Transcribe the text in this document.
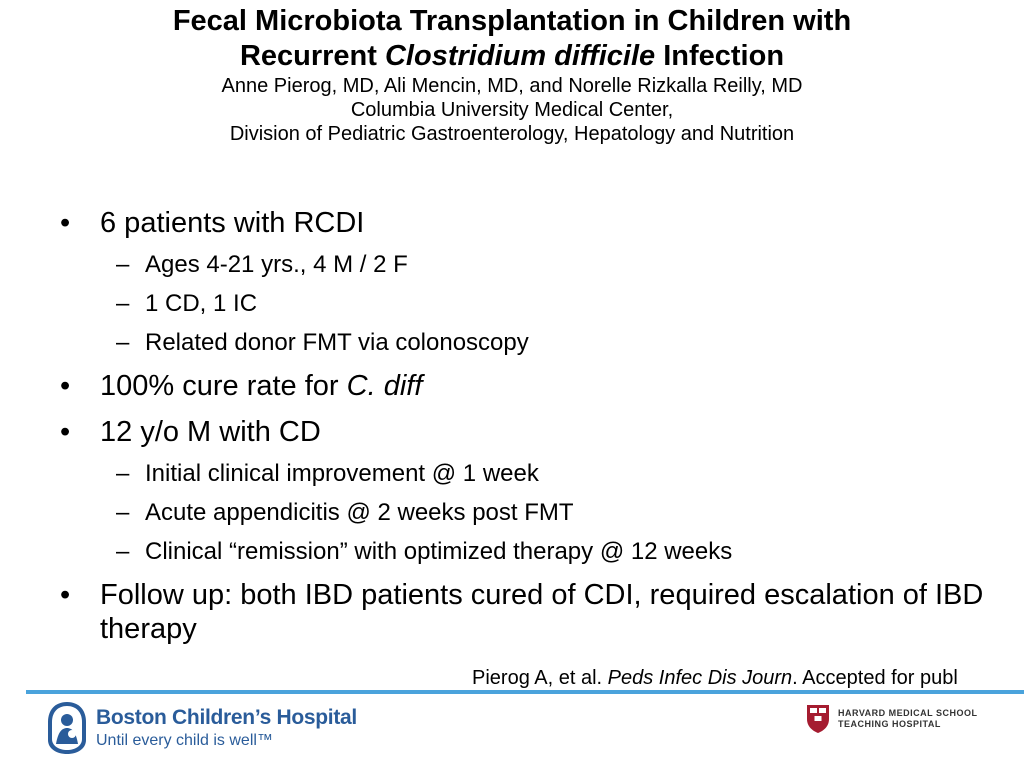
Fecal Microbiota Transplantation in Children with
Recurrent Clostridium difficile Infection
Anne Pierog, MD, Ali Mencin, MD, and Norelle Rizkalla Reilly, MD
Columbia University Medical Center,
Division of Pediatric Gastroenterology, Hepatology and Nutrition
• 6 patients with RCDI
– Ages 4-21 yrs., 4 M / 2 F
– 1 CD, 1 IC
– Related donor FMT via colonoscopy
• 100% cure rate for C. diff
• 12 y/o M with CD
– Initial clinical improvement @ 1 week
– Acute appendicitis @ 2 weeks post FMT
– Clinical “remission” with optimized therapy @ 12 weeks
• Follow up: both IBD patients cured of CDI, required escalation of IBD therapy
Pierog A, et al. Peds Infec Dis Journ. Accepted for publ
Boston Children’s Hospital
Until every child is well™
HARVARD MEDICAL SCHOOL
TEACHING HOSPITAL
